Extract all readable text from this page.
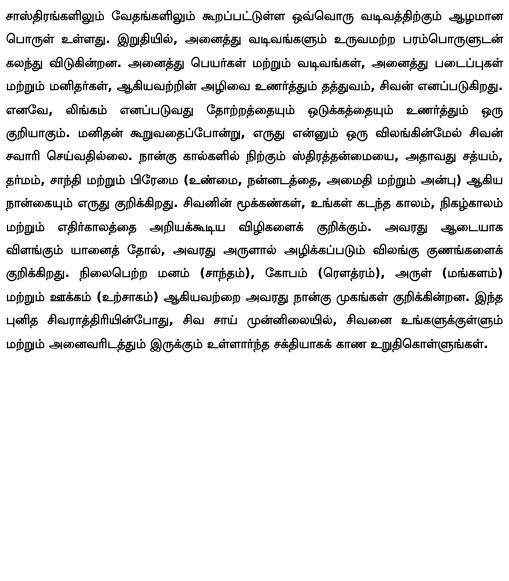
சாஸ்திரங்களிலும் வேதங்களிலும் கூறப்பட்டுள்ள ஒவ்வொரு வடிவத்திற்கும் ஆழமான பொருள் உள்ளது. இறுதியில், அனைத்து வடிவங்களும் உருவமற்ற பரம்பொருளுடன் கலந்து விடுகின்றன. அனைத்து பெயர்கள் மற்றும் வடிவங்கள், அனைத்து படைப்புகள் மற்றும் மனிதர்கள், ஆகியவற்றின் அழிவை உணர்த்தும் தத்துவம், சிவன் எனப்படுகிறது. எனவே, லிங்கம் எனப்படுவது தோற்றத்தையும் ஒடுக்கத்தையும் உணர்த்தும் ஒரு குறியாகும். மனிதன் கூறுவதைப்போன்று, எருது என்னும் ஒரு விலங்கின்மேல் சிவன் சவாரி செய்வதில்லை. நான்கு கால்களில் நிற்கும் ஸ்திரத்தன்மையை, அதாவது சத்யம், தர்மம், சாந்தி மற்றும் பிரேமை (உண்மை, நன்னடத்தை, அமைதி மற்றும் அன்பு) ஆகிய நான்கையும் எருது குறிக்கிறது. சிவனின் மூக்கண்கள், உங்கள் கடந்த காலம், நிகழ்காலம் மற்றும் எதிர்காலத்தை அறியக்கூடிய விழிகளைக் குறிக்கும். அவரது ஆடையாக விளங்கும் யானைத் தோல், அவரது அருளால் அழிக்கப்படும் விலங்கு குணங்களைக் குறிக்கிறது. நிலைபெற்ற மனம் (சாந்தம்), கோபம் (ரௌத்ரம்), அருள் (மங்களம்) மற்றும் ஊக்கம் (உற்சாகம்) ஆகியவற்றை அவரது நான்கு முகங்கள் குறிக்கின்றன. இந்த புனித சிவராத்திரியின்போது, சிவ சாய் முன்னிலையில், சிவனை உங்களுக்குள்ளும் மற்றும் அனைவரிடத்தும் இருக்கும் உள்ளார்ந்த சக்தியாகக் காண உறுதிகொள்ளுங்கள்.
